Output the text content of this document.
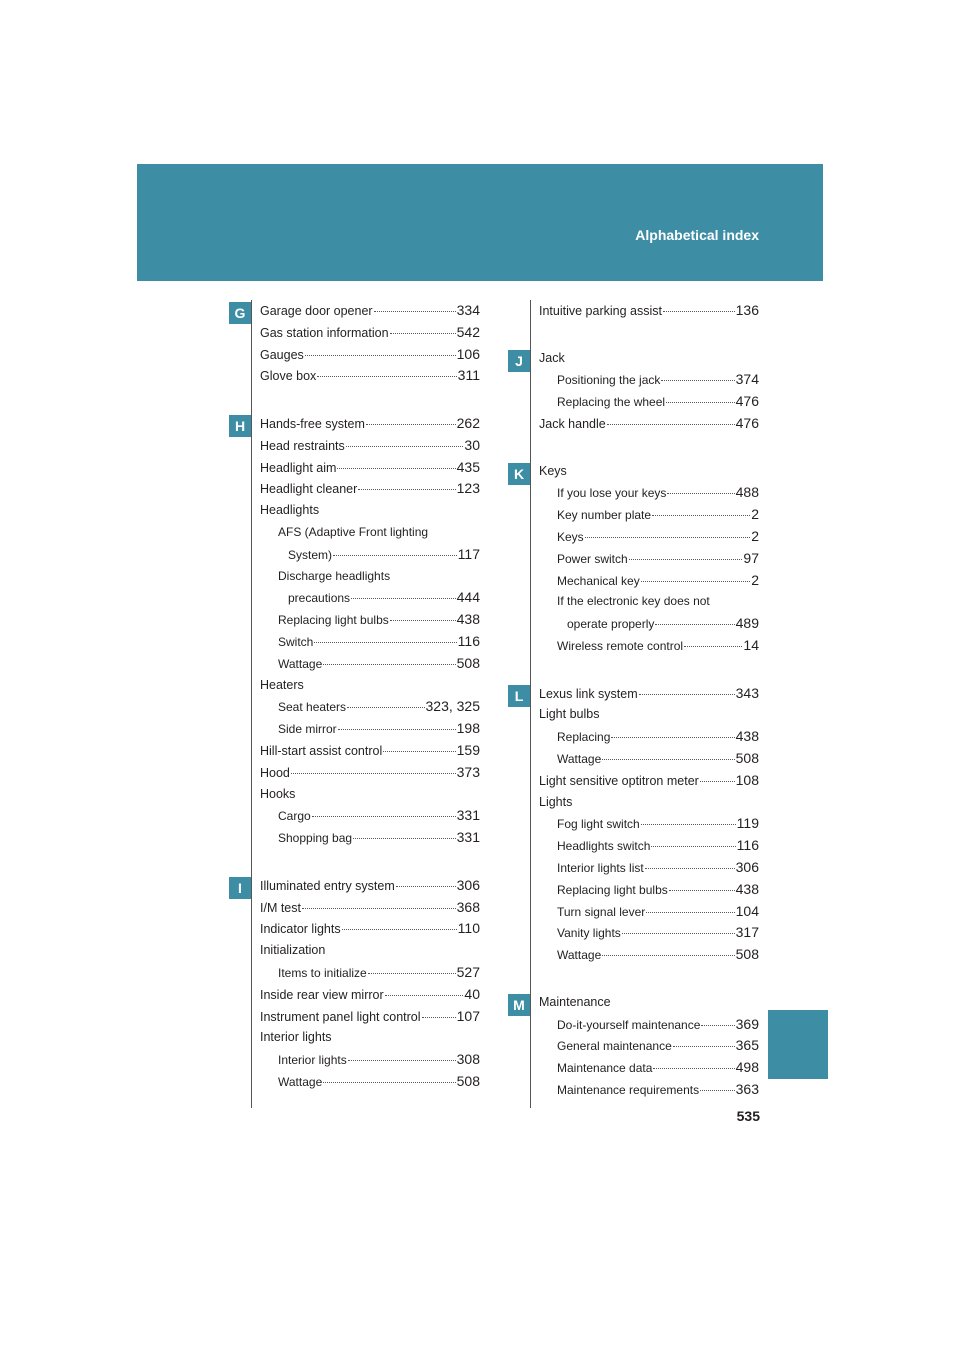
Alphabetical index
Garage door opener	334
Gas station information	542
Gauges	106
Glove box	311
Hands-free system	262
Head restraints	30
Headlight aim	435
Headlight cleaner	123
Headlights
AFS (Adaptive Front lighting
System)	117
Discharge headlights
precautions	444
Replacing light bulbs	438
Switch	116
Wattage	508
Heaters
Seat heaters	323, 325
Side mirror	198
Hill-start assist control	159
Hood	373
Hooks
Cargo	331
Shopping bag	331
Illuminated entry system	306
I/M test	368
Indicator lights	110
Initialization
Items to initialize	527
Inside rear view mirror	40
Instrument panel light control	107
Interior lights
Interior lights	308
Wattage	508
Intuitive parking assist	136
Jack
Positioning the jack	374
Replacing the wheel	476
Jack handle	476
Keys
If you lose your keys	488
Key number plate	2
Keys	2
Power switch	97
Mechanical key	2
If the electronic key does not
operate properly	489
Wireless remote control	14
Lexus link system	343
Light bulbs
Replacing	438
Wattage	508
Light sensitive optitron meter	108
Lights
Fog light switch	119
Headlights switch	116
Interior lights list	306
Replacing light bulbs	438
Turn signal lever	104
Vanity lights	317
Wattage	508
Maintenance
Do-it-yourself maintenance	369
General maintenance	365
Maintenance data	498
Maintenance requirements	363
535
G
H
I
J
K
L
M
